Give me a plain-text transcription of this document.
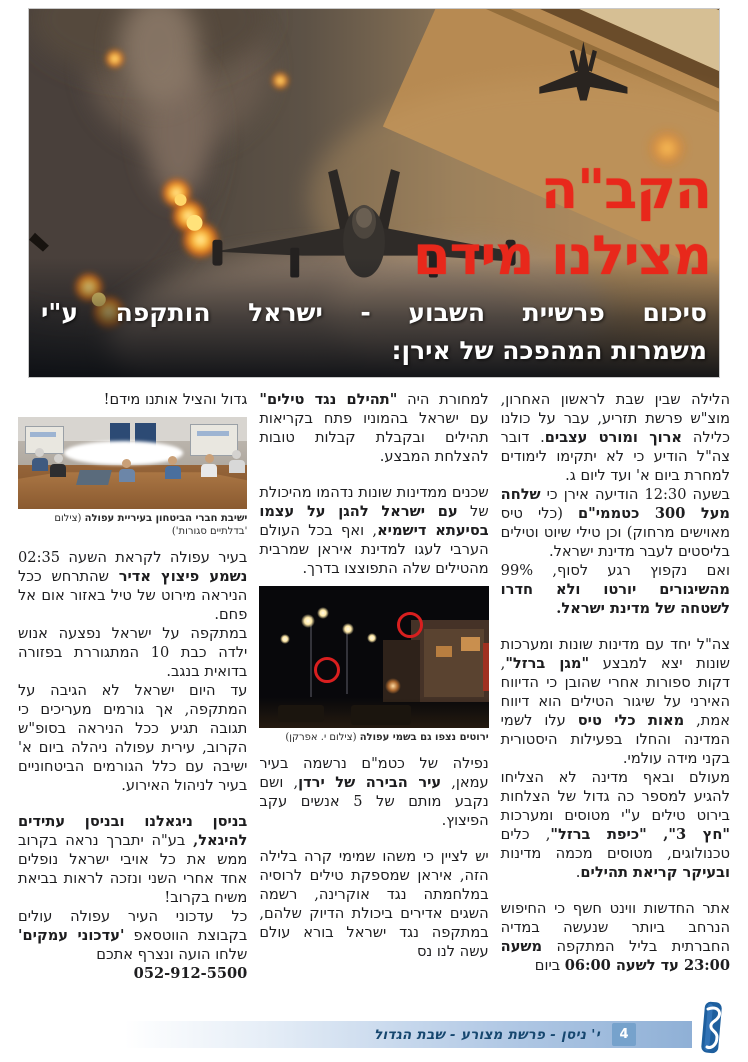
הקב"ה
מצילנו מידם
סיכום פרשיית השבוע - ישראל הותקפה ע"י
משמרות המהפכה של אירן:

הלילה שבין שבת לראשון האחרון, מוצ"ש פרשת תזריע, עבר על כולנו כלילה ארוך ומורט עצבים. דובר צה"ל הודיע כי לא יתקימו לימודים למחרת ביום א' ועד ליום ג.

בשעה 12:30 הודיעה אירן כי שלחה מעל 300 כטממי"ם (כלי טיס מאוישים מרחוק) וכן טילי שיוט וטילים בליסטים לעבר מדינת ישראל.

ואם נקפוץ רגע לסוף, 99% מהשיגורים יורטו ולא חדרו לשטחה של מדינת ישראל.

צה"ל יחד עם מדינות שונות ומערכות שונות יצא למבצע "מגן ברזל", דקות ספורות אחרי שהובן כי הדיווח האירני על שיגור הטילים הוא דיווח אמת, מאות כלי טיס עלו לשמי המדינה והחלו בפעילות היסטורית בקני מידה עולמי.

מעולם ובאף מדינה לא הצליחו להגיע למספר כה גדול של הצלחות בירוט טילים ע"י מטוסים ומערכות "חץ 3", "כיפת ברזל", כלים טכנולוגים, מטוסים מכמה מדינות ובעיקר קריאת תהילים.

אתר החדשות ווינט חשף כי החיפוש הנרחב ביותר שנעשה במדיה החברתית בליל המתקפה משעה 23:00 עד לשעה 06:00 ביום

למחורת היה "תהילם נגד טילים" עם ישראל בהמוניו פתח בקריאות תהילים ובקבלת קבלות טובות להצלחת המבצע.

שכנים ממדינות שונות נדהמו מהיכולת של עם ישראל להגן על עצמו בסיעתא דישמיא, ואף בכל העולם הערבי לעגו למדינת איראן שמרבית מהטילים שלה התפוצצו בדרך.

ירוטים נצפו גם בשמי עפולה (צילום י. אפרקן)

נפילה של כטמ"ם נרשמה בעיר עמאן, עיר הבירה של ירדן, ושם נקבע מותם של 5 אנשים עקב הפיצוץ.

יש לציין כי משהו שמימי קרה בלילה הזה, איראן שמספקת טילים לרוסיה במלחמתה נגד אוקרינה, רשמה השגים אדירים ביכולת הדיוק שלהם, במתקפה נגד ישראל בורא עולם עשה לנו נס

גדול והציל אותנו מידם!

ישיבת חברי הביטחון בעיריית עפולה (צילום 'בדלתיים סגורות')

בעיר עפולה לקראת השעה 02:35 נשמע פיצוץ אדיר שהתרחש ככל הניראה מירוט של טיל באזור אום אל פחם.

במתקפה על ישראל נפצעה אנוש ילדה כבת 10 המתגוררת בפזורה בדואית בנגב.

עד היום ישראל לא הגיבה על המתקפה, אך גורמים מעריכים כי תגובה תגיע ככל הניראה בסופ"ש הקרוב, עירית עפולה ניהלה ביום א' ישיבה עם כלל הגורמים הביטחוניים בעיר לניהול האירוע.

בניסן ניגאלנו ובניסן עתידים להיגאל, בע"ה יתברך נראה בקרוב ממש את כל אויבי ישראל נופלים אחד אחרי השני ונזכה לראות בביאת משיח בקרוב!

כל עדכוני העיר עפולה עולים בקבוצת הווטסאפ 'עדכוני עמקים' שלחו הועה ונצרף אתכם

052-912-5500

4
י' ניסן - פרשת מצורע - שבת הגדול
